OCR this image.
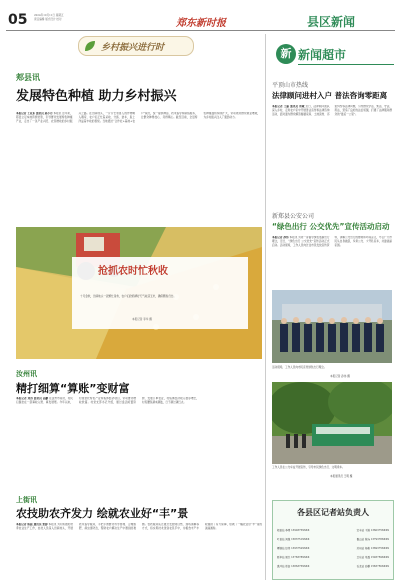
05	2024年10月11日 星期五
责任编辑 版式设计 校对	郑东新时报	县区新闻
乡村振兴进行时
郏县讯
发展特色种植 助力乡村振兴
本报记者 王亚东 通讯员 赵小丹 本报讯 近年来，郏县立足本地资源优势，引导群众发展特色种植产业，走出了一条产业兴旺、农民增收的乡村振兴之路。在田间地头，一片片长势喜人的作物映入眼帘，农户们正忙着采收、分拣、装车，脸上洋溢着丰收的喜悦。当地通过“合作社+基地+农户”模式，统一提供种苗、技术指导和销售服务，让群众种得放心、卖得顺心。截至目前，全县特色种植面积持续扩大，带动周边群众就业增收，为乡村振兴注入了强劲动力。
抢抓农时忙秋收
十月金秋，田间地头一派繁忙景象，农户们抢抓晴好天气收获玉米，确保颗粒归仓。
本报记者 李华 摄
汝州讯
精打细算“算账”变财富
本报记者 刘涛 通讯员 高鹏 在汝州市某村，村民们围坐在一起算收入账、算发展账。今年以来，村里依托特色产业和集体经济项目，带动群众增收致富。村党支部书记介绍，通过盘活闲置资源、发展订单农业，村集体经济收入稳步增长，村民腰包越来越鼓，日子越过越红火。
上街讯
农技助农齐发力 绘就农业好“丰”景
本报记者 陈晨 通讯员 张静 本报讯 为切实做好秋季农业生产工作，农技人员深入田间地头，开展技术指导服务，手把手教群众科学管理、合理施肥、病虫害防治，帮助农户解决生产中遇到的难题。农技服务队还通过发放明白纸、现场讲解等方式，将实用技术送到农民手中，为粮食丰产丰收提供了有力保障，绘就了一幅农业好“丰”景的美丽画卷。
新 新闻超市
平顶山市热线
法律顾问进村入户 普法咨询零距离
本报记者 王丽 通讯员 周敏 近日，法律顾问团队深入乡村，走进农户家中开展普法宣传和法律咨询活动，面对面为群众解答婚姻家庭、土地流转、邻里纠纷等法律问题，引导群众学法、知法、守法、用法，营造了良好的法治氛围，打通了法律服务群众的“最后一公里”。
新郑县公安公司
“绿色出行 公交优先”宣传活动启动
本报记者 孙伟 本报讯 为进一步倡导绿色低碳出行理念，近日，“绿色出行 公交优先”宣传活动正式启动。活动现场，工作人员向过往市民发放宣传资料，讲解公交出行的便利和环保意义，号召广大市民从自身做起，多乘公交、少开私家车，共建美丽家园。
活动现场，工作人员向市民宣传绿色出行理念。
本报记者 孙伟 摄
工作人员在公交车站开展宣传，引导市民绿色出行、文明乘车。
本报通讯员 王明 摄
各县区记者站负责人
郏县站 李明 1390375XXXX	宝丰站 王刚 1360375XXXX
叶县站 刘强 1583751XXXX	鲁山站 陈涛 1379378XXXX
舞钢站 赵伟 1393752XXXX	汝州站 杨帆 1369375XXXX
新华站 周杰 1378378XXXX	卫东站 吴磊 1593759XXXX
湛河站 郑浩 1386375XXXX	石龙站 孙鹏 1583756XXXX
